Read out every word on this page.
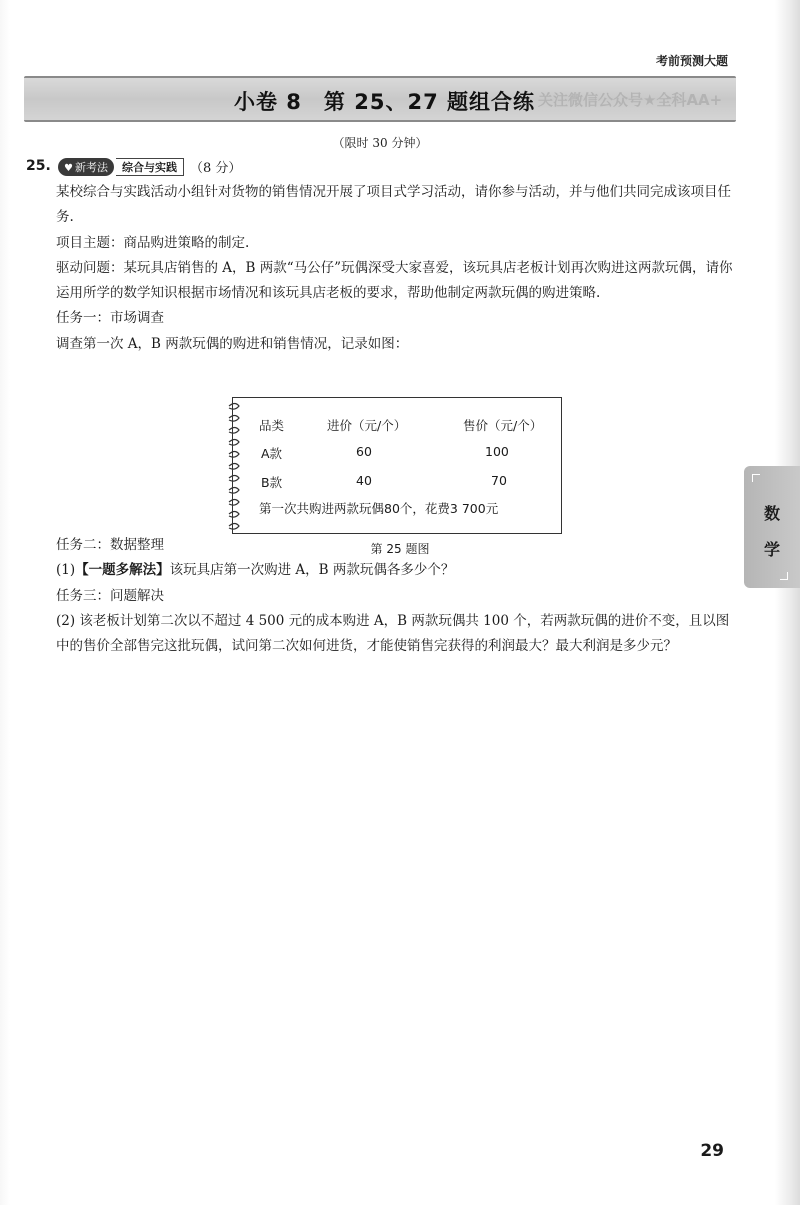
考前预测大题
小卷 8　第 25、27 题组合练 关注微信公众号★全科AA+
（限时 30 分钟）
25.	♥ 新考法	综合与实践	（8 分）

某校综合与实践活动小组针对货物的销售情况开展了项目式学习活动，请你参与活动，并与他们共同完成该项目任务.

项目主题：商品购进策略的制定.

驱动问题：某玩具店销售的 A，B 两款“马公仔”玩偶深受大家喜爱，该玩具店老板计划再次购进这两款玩偶，请你运用所学的数学知识根据市场情况和该玩具店老板的要求，帮助他制定两款玩偶的购进策略.

任务一：市场调查

调查第一次 A，B 两款玩偶的购进和销售情况，记录如图：

任务二：数据整理

(1)【一题多解法】该玩具店第一次购进 A，B 两款玩偶各多少个？

任务三：问题解决

(2) 该老板计划第二次以不超过 4 500 元的成本购进 A，B 两款玩偶共 100 个，若两款玩偶的进价不变，且以图中的售价全部售完这批玩偶，试问第二次如何进货，才能使销售完获得的利润最大？最大利润是多少元？

品类	进价（元/个）	售价（元/个）
A款	60	100
B款	40	70
第一次共购进两款玩偶80个，花费3 700元
第 25 题图
数
学
29
